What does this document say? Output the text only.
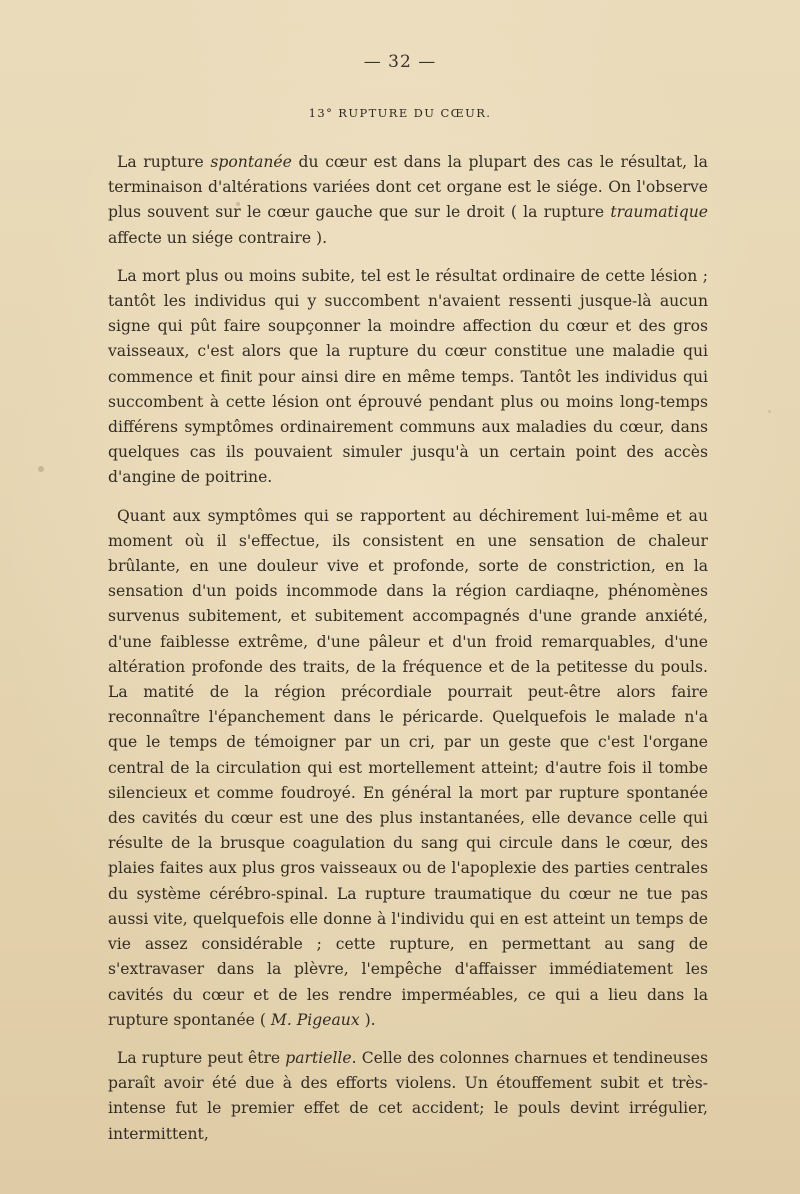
— 32 —
13° RUPTURE DU CŒUR.

La rupture spontanée du cœur est dans la plupart des cas le résultat, la terminaison d'altérations variées dont cet organe est le siége. On l'observe plus souvent sur le cœur gauche que sur le droit ( la rupture traumatique affecte un siége contraire ).

La mort plus ou moins subite, tel est le résultat ordinaire de cette lésion ; tantôt les individus qui y succombent n'avaient ressenti jusque-là aucun signe qui pût faire soupçonner la moindre affection du cœur et des gros vaisseaux, c'est alors que la rupture du cœur constitue une maladie qui commence et finit pour ainsi dire en même temps. Tantôt les individus qui succombent à cette lésion ont éprouvé pendant plus ou moins long-temps différens symptômes ordinairement communs aux maladies du cœur, dans quelques cas ils pouvaient simuler jusqu'à un certain point des accès d'angine de poitrine.

Quant aux symptômes qui se rapportent au déchirement lui-même et au moment où il s'effectue, ils consistent en une sensation de chaleur brûlante, en une douleur vive et profonde, sorte de constriction, en la sensation d'un poids incommode dans la région cardiaqne, phénomènes survenus subitement, et subitement accompagnés d'une grande anxiété, d'une faiblesse extrême, d'une pâleur et d'un froid remarquables, d'une altération profonde des traits, de la fréquence et de la petitesse du pouls. La matité de la région précordiale pourrait peut-être alors faire reconnaître l'épanchement dans le péricarde. Quelquefois le malade n'a que le temps de témoigner par un cri, par un geste que c'est l'organe central de la circulation qui est mortellement atteint; d'autre fois il tombe silencieux et comme foudroyé. En général la mort par rupture spontanée des cavités du cœur est une des plus instantanées, elle devance celle qui résulte de la brusque coagulation du sang qui circule dans le cœur, des plaies faites aux plus gros vaisseaux ou de l'apoplexie des parties centrales du système cérébro-spinal. La rupture traumatique du cœur ne tue pas aussi vite, quelquefois elle donne à l'individu qui en est atteint un temps de vie assez considérable ; cette rupture, en permettant au sang de s'extravaser dans la plèvre, l'empêche d'affaisser immédiatement les cavités du cœur et de les rendre imperméables, ce qui a lieu dans la rupture spontanée ( M. Pigeaux ).

La rupture peut être partielle. Celle des colonnes charnues et tendineuses paraît avoir été due à des efforts violens. Un étouffement subit et très-intense fut le premier effet de cet accident; le pouls devint irrégulier, intermittent,
